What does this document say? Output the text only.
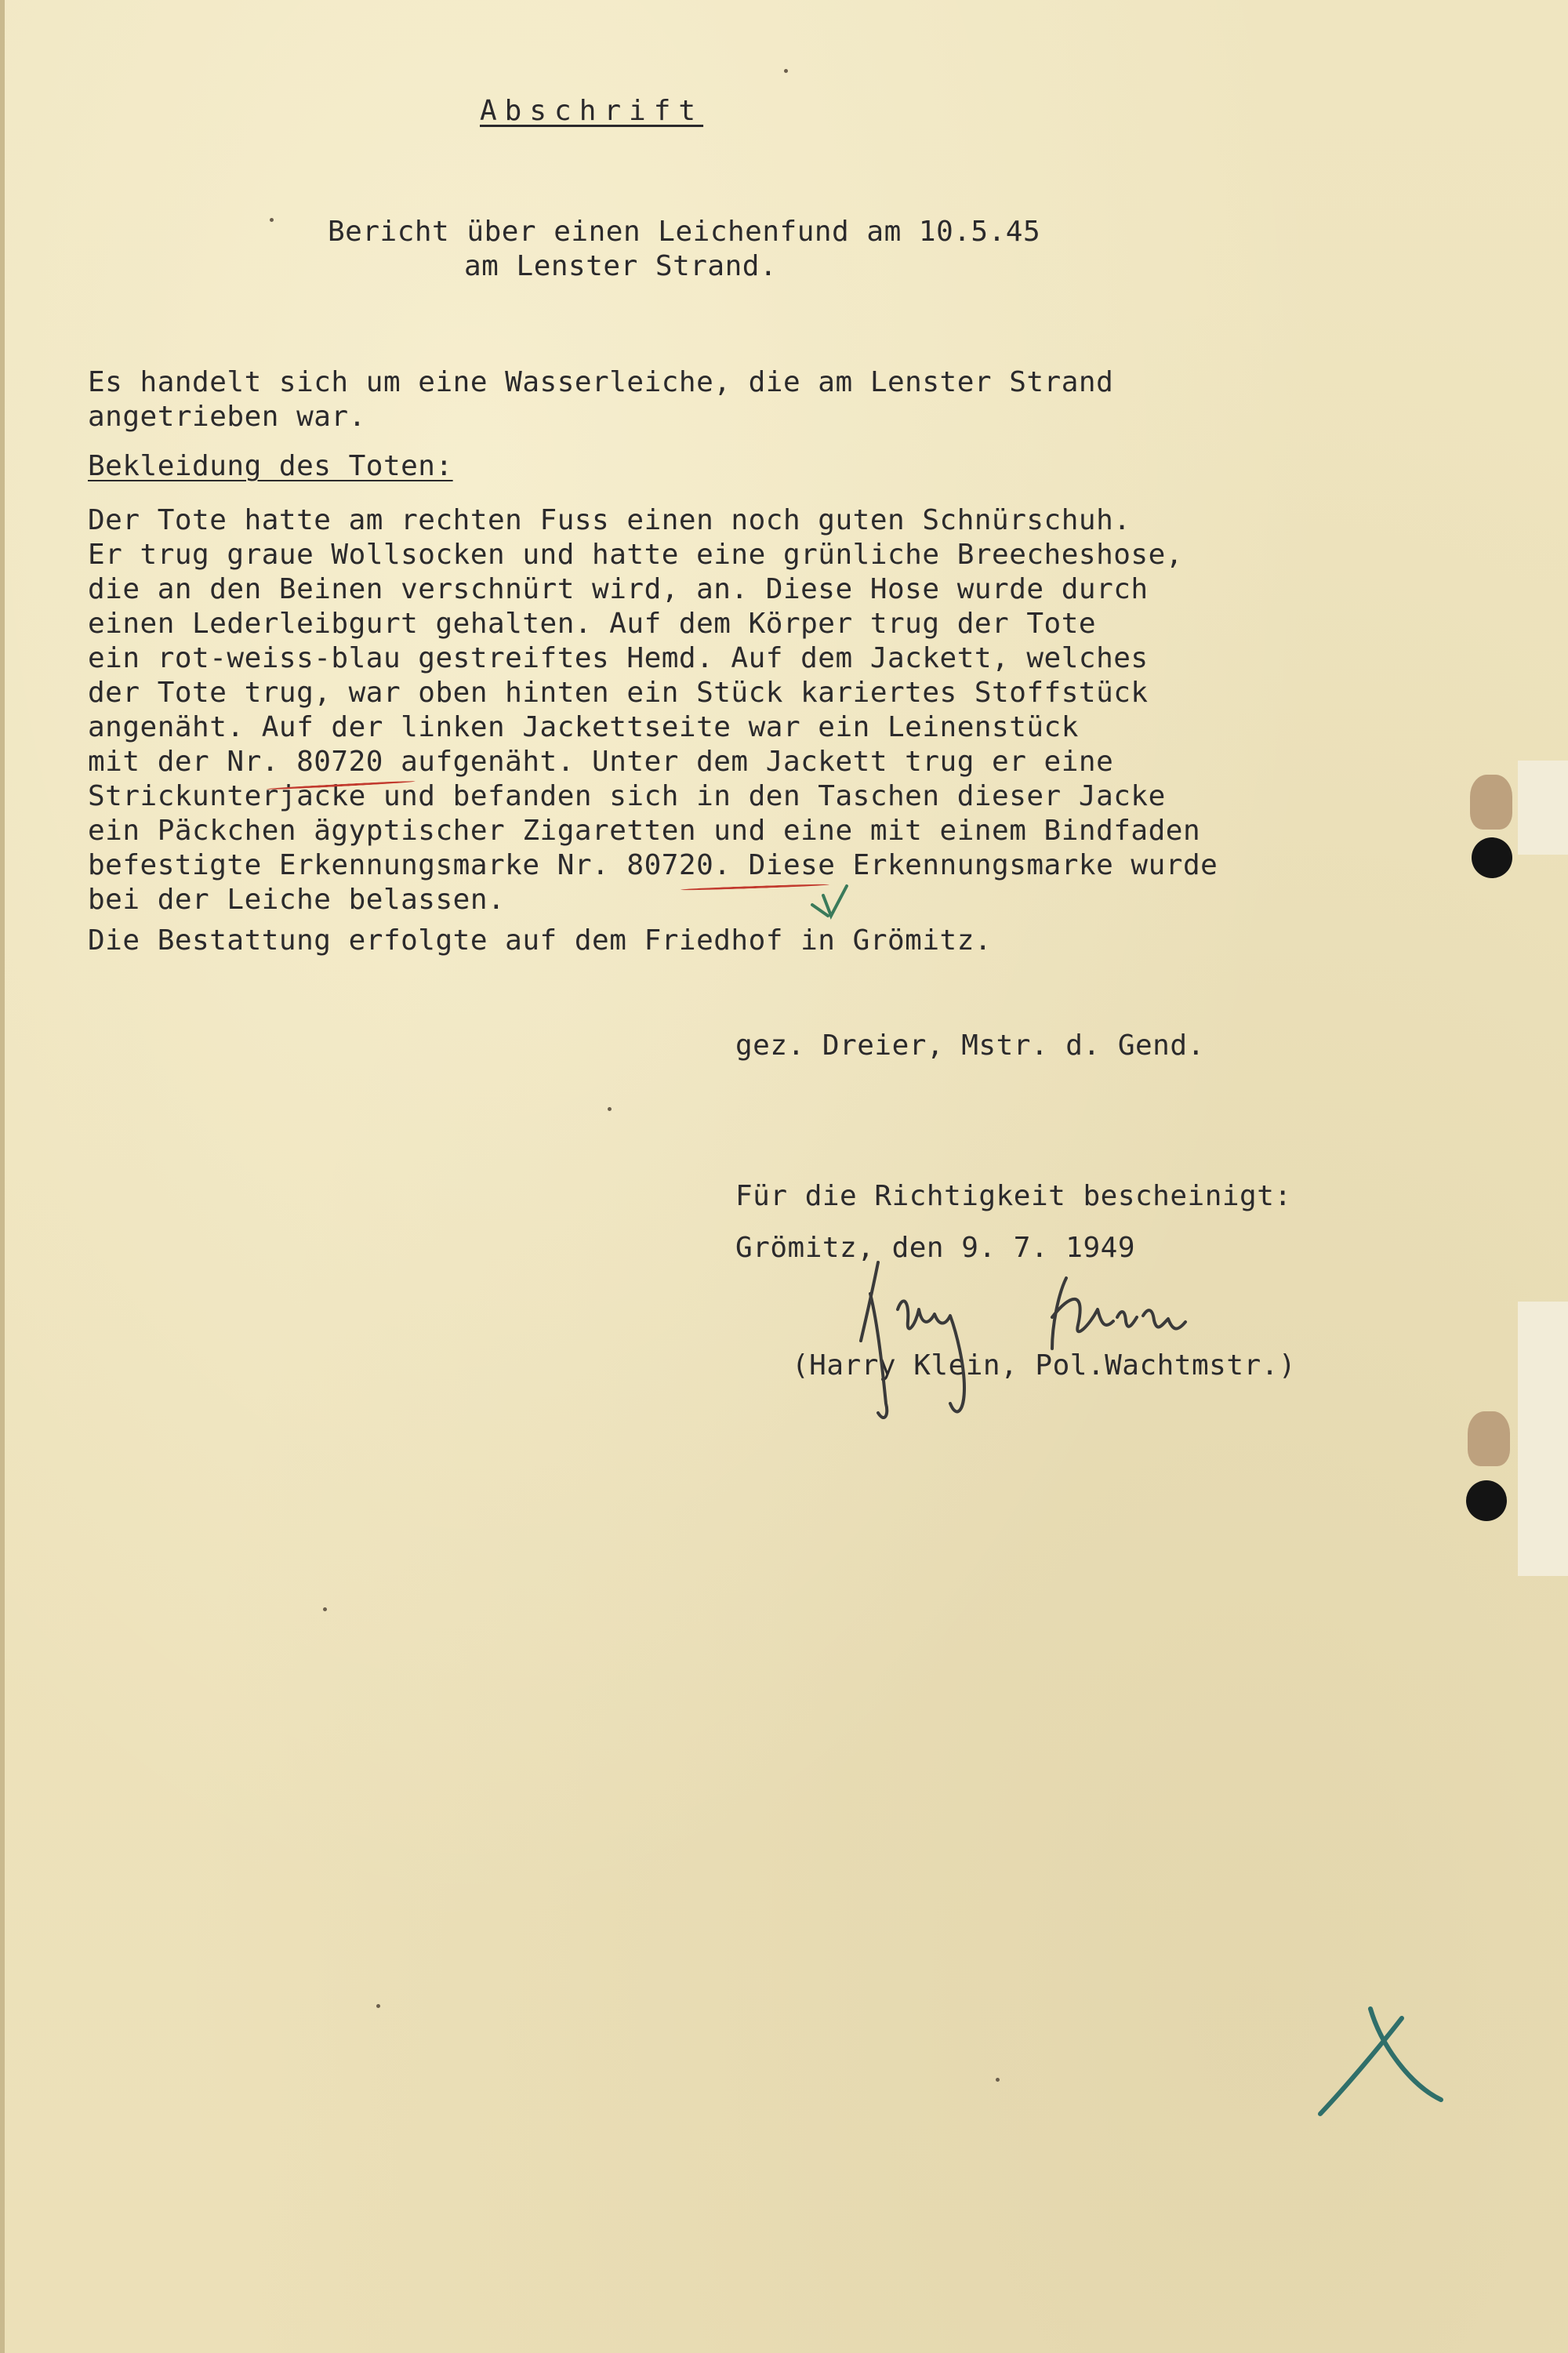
Abschrift
Bericht über einen Leichenfund am 10.5.45
am Lenster Strand.
Es handelt sich um eine Wasserleiche, die am Lenster Strand
angetrieben war.
Bekleidung des Toten:
Der Tote hatte am rechten Fuss einen noch guten Schnürschuh.
Er trug graue Wollsocken und hatte eine grünliche Breecheshose,
die an den Beinen verschnürt wird, an. Diese Hose wurde durch
einen Lederleibgurt gehalten. Auf dem Körper trug der Tote
ein rot-weiss-blau gestreiftes Hemd. Auf dem Jackett, welches
der Tote trug, war oben hinten ein Stück kariertes Stoffstück
angenäht. Auf der linken Jackettseite war ein Leinenstück
mit der Nr. 80720 aufgenäht. Unter dem Jackett trug er eine
Strickunterjacke und befanden sich in den Taschen dieser Jacke
ein Päckchen ägyptischer Zigaretten und eine mit einem Bindfaden
befestigte Erkennungsmarke Nr. 80720. Diese Erkennungsmarke wurde
bei der Leiche belassen.
Die Bestattung erfolgte auf dem Friedhof in Grömitz.
gez. Dreier, Mstr. d. Gend.
Für die Richtigkeit bescheinigt:
Grömitz, den 9. 7. 1949
(Harry Klein, Pol.Wachtmstr.)
